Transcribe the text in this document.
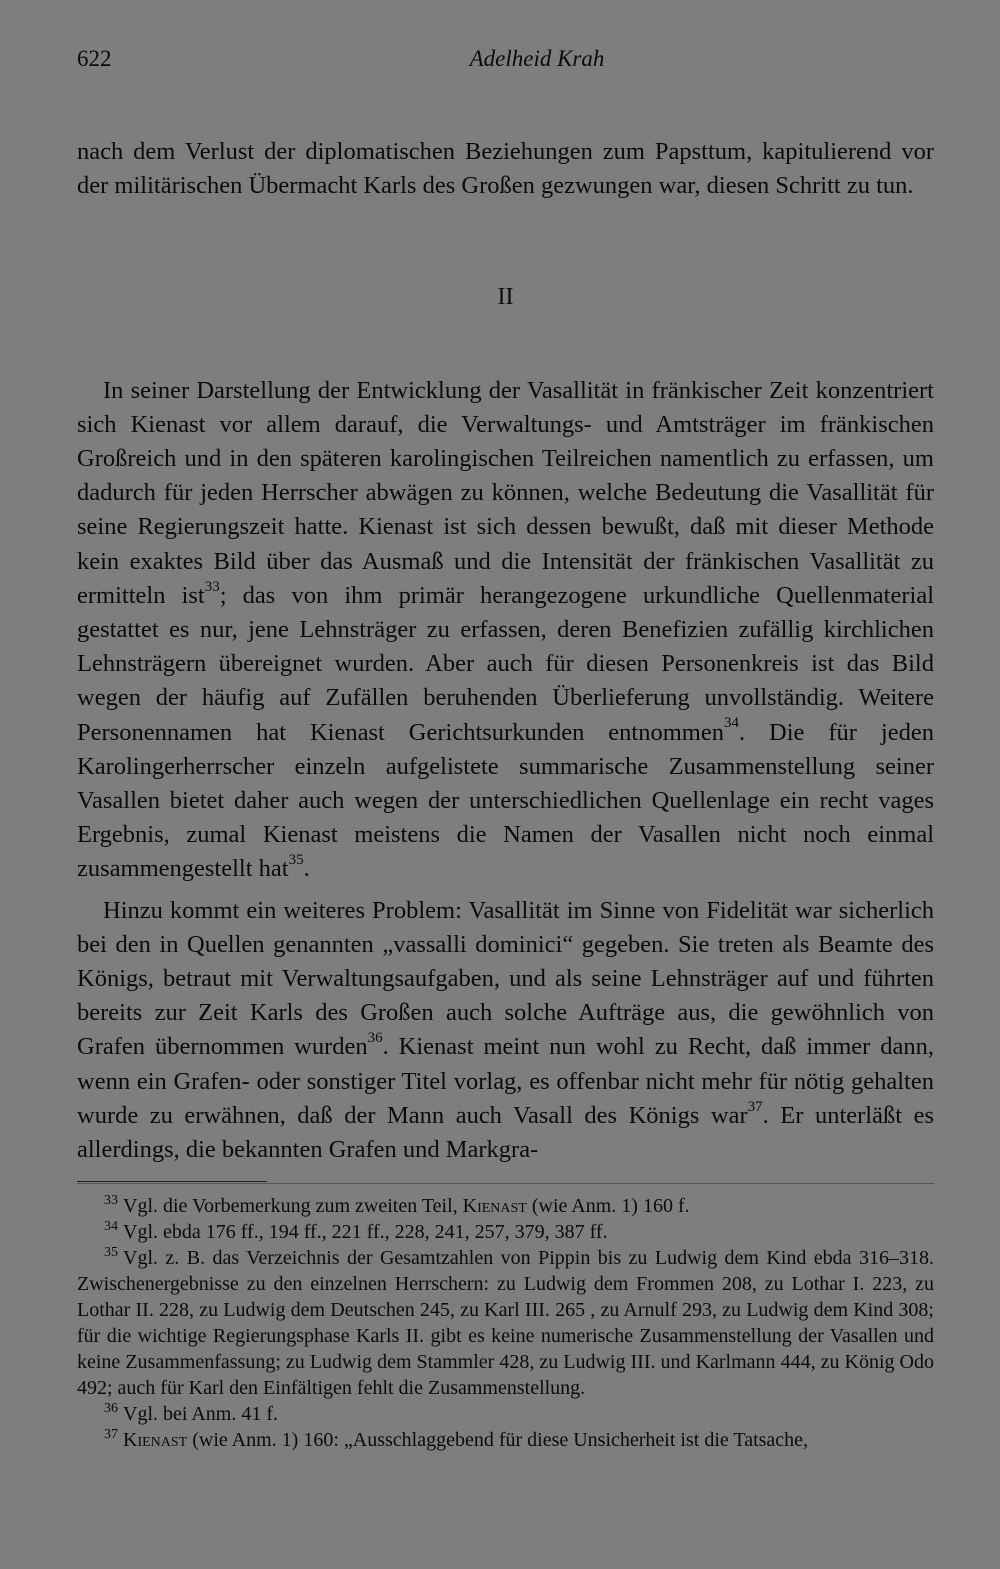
622	Adelheid Krah

nach dem Verlust der diplomatischen Beziehungen zum Papsttum, kapitulierend vor der militärischen Übermacht Karls des Großen gezwungen war, diesen Schritt zu tun.

II

In seiner Darstellung der Entwicklung der Vasallität in fränkischer Zeit konzentriert sich Kienast vor allem darauf, die Verwaltungs- und Amtsträger im fränkischen Großreich und in den späteren karolingischen Teilreichen namentlich zu erfassen, um dadurch für jeden Herrscher abwägen zu können, welche Bedeutung die Vasallität für seine Regierungszeit hatte. Kienast ist sich dessen bewußt, daß mit dieser Methode kein exaktes Bild über das Ausmaß und die Intensität der fränkischen Vasallität zu ermitteln ist$^{33}$; das von ihm primär herangezogene urkundliche Quellenmaterial gestattet es nur, jene Lehnsträger zu erfassen, deren Benefizien zufällig kirchlichen Lehnsträgern übereignet wurden. Aber auch für diesen Personenkreis ist das Bild wegen der häufig auf Zufällen beruhenden Überlieferung unvollständig. Weitere Personennamen hat Kienast Gerichtsurkunden entnommen$^{34}$. Die für jeden Karolingerherrscher einzeln aufgelistete summarische Zusammenstellung seiner Vasallen bietet daher auch wegen der unterschiedlichen Quellenlage ein recht vages Ergebnis, zumal Kienast meistens die Namen der Vasallen nicht noch einmal zusammengestellt hat$^{35}$.

Hinzu kommt ein weiteres Problem: Vasallität im Sinne von Fidelität war sicherlich bei den in Quellen genannten „vassalli dominici“ gegeben. Sie treten als Beamte des Königs, betraut mit Verwaltungsaufgaben, und als seine Lehnsträger auf und führten bereits zur Zeit Karls des Großen auch solche Aufträge aus, die gewöhnlich von Grafen übernommen wurden$^{36}$. Kienast meint nun wohl zu Recht, daß immer dann, wenn ein Grafen- oder sonstiger Titel vorlag, es offenbar nicht mehr für nötig gehalten wurde zu erwähnen, daß der Mann auch Vasall des Königs war$^{37}$. Er unterläßt es allerdings, die bekannten Grafen und Markgra-

$^{33}$ Vgl. die Vorbemerkung zum zweiten Teil, Kienast (wie Anm. 1) 160 f.

$^{34}$ Vgl. ebda 176 ff., 194 ff., 221 ff., 228, 241, 257, 379, 387 ff.

$^{35}$ Vgl. z. B. das Verzeichnis der Gesamtzahlen von Pippin bis zu Ludwig dem Kind ebda 316–318. Zwischenergebnisse zu den einzelnen Herrschern: zu Ludwig dem Frommen 208, zu Lothar I. 223, zu Lothar II. 228, zu Ludwig dem Deutschen 245, zu Karl III. 265 , zu Arnulf 293, zu Ludwig dem Kind 308; für die wichtige Regierungsphase Karls II. gibt es keine numerische Zusammenstellung der Vasallen und keine Zusammenfassung; zu Ludwig dem Stammler 428, zu Ludwig III. und Karlmann 444, zu König Odo 492; auch für Karl den Einfältigen fehlt die Zusammenstellung.

$^{36}$ Vgl. bei Anm. 41 f.

$^{37}$ Kienast (wie Anm. 1) 160: „Ausschlaggebend für diese Unsicherheit ist die Tatsache,
